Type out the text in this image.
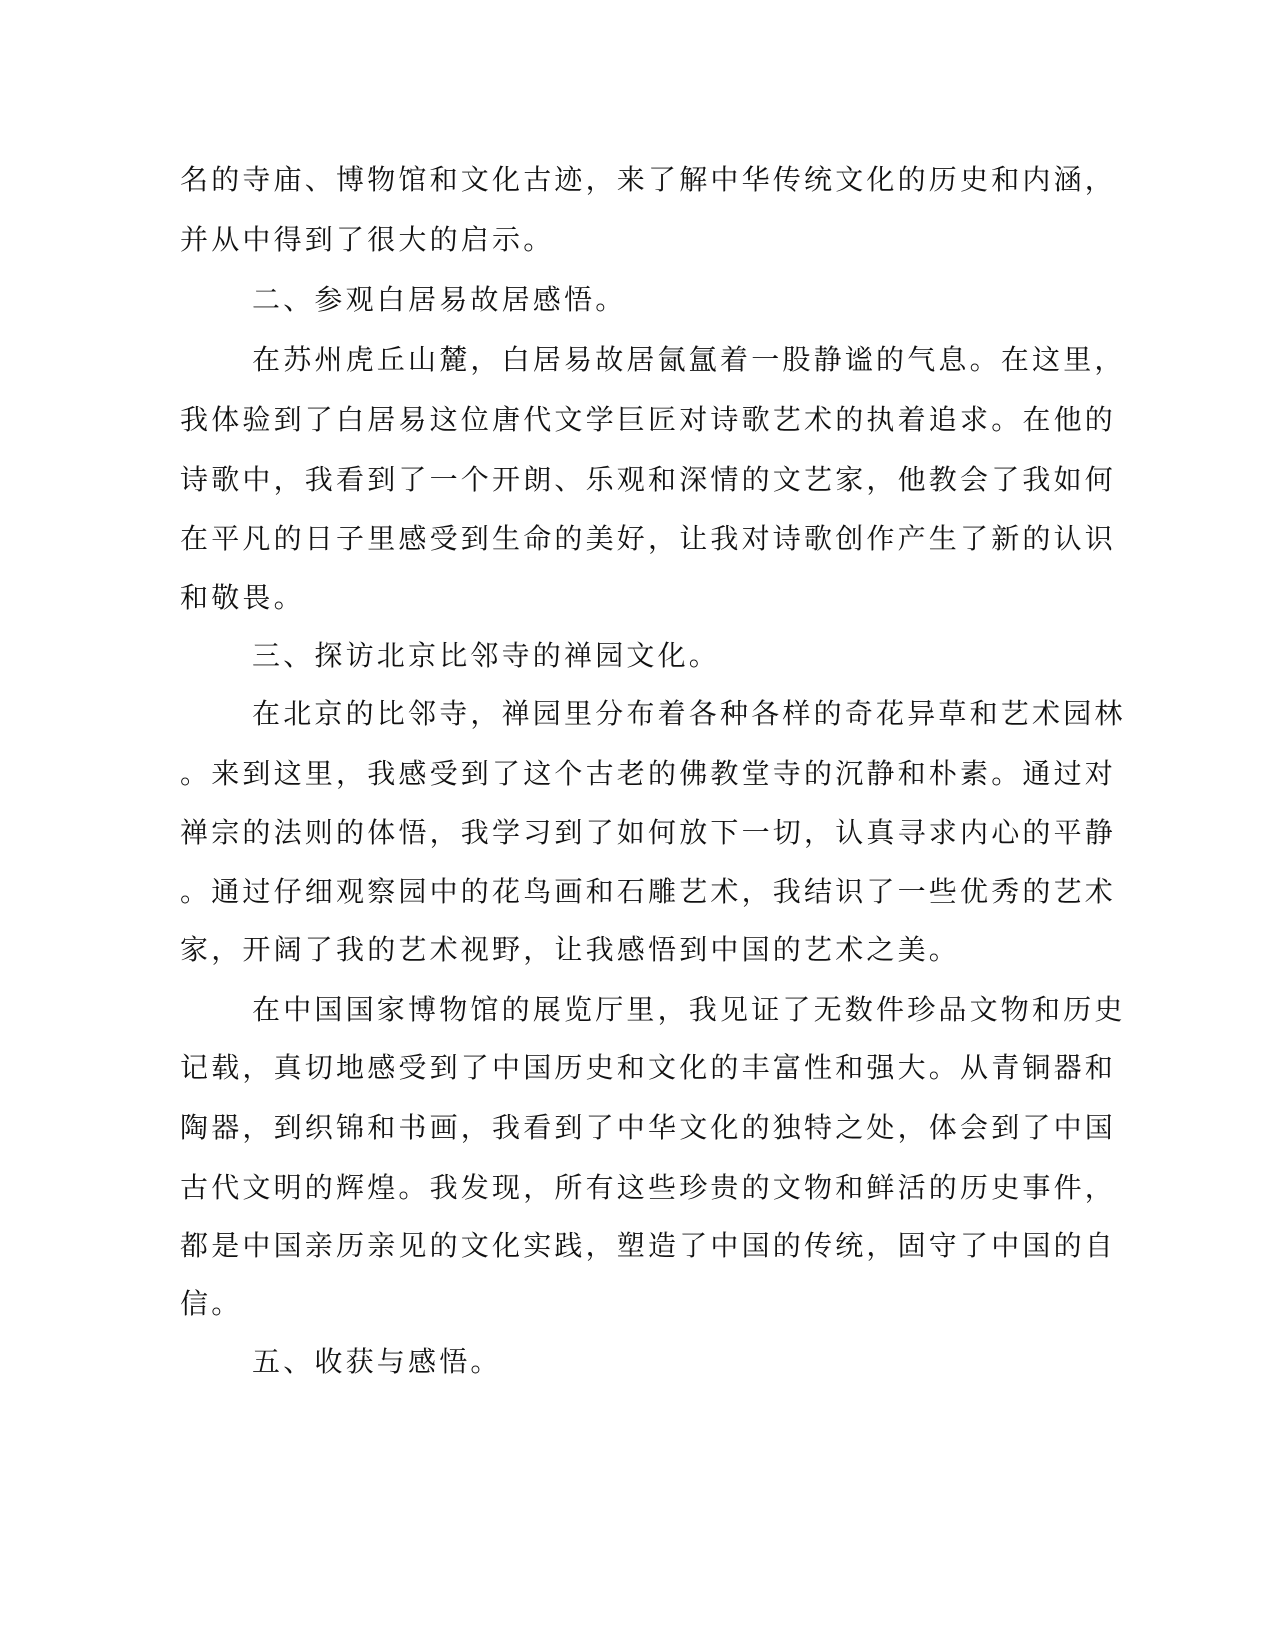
名的寺庙、博物馆和文化古迹，来了解中华传统文化的历史和内涵，
并从中得到了很大的启示。
二、参观白居易故居感悟。
在苏州虎丘山麓，白居易故居氤氲着一股静谧的气息。在这里，
我体验到了白居易这位唐代文学巨匠对诗歌艺术的执着追求。在他的
诗歌中，我看到了一个开朗、乐观和深情的文艺家，他教会了我如何
在平凡的日子里感受到生命的美好，让我对诗歌创作产生了新的认识
和敬畏。
三、探访北京比邻寺的禅园文化。
在北京的比邻寺，禅园里分布着各种各样的奇花异草和艺术园林
。来到这里，我感受到了这个古老的佛教堂寺的沉静和朴素。通过对
禅宗的法则的体悟，我学习到了如何放下一切，认真寻求内心的平静
。通过仔细观察园中的花鸟画和石雕艺术，我结识了一些优秀的艺术
家，开阔了我的艺术视野，让我感悟到中国的艺术之美。
在中国国家博物馆的展览厅里，我见证了无数件珍品文物和历史
记载，真切地感受到了中国历史和文化的丰富性和强大。从青铜器和
陶器，到织锦和书画，我看到了中华文化的独特之处，体会到了中国
古代文明的辉煌。我发现，所有这些珍贵的文物和鲜活的历史事件，
都是中国亲历亲见的文化实践，塑造了中国的传统，固守了中国的自
信。
五、收获与感悟。
